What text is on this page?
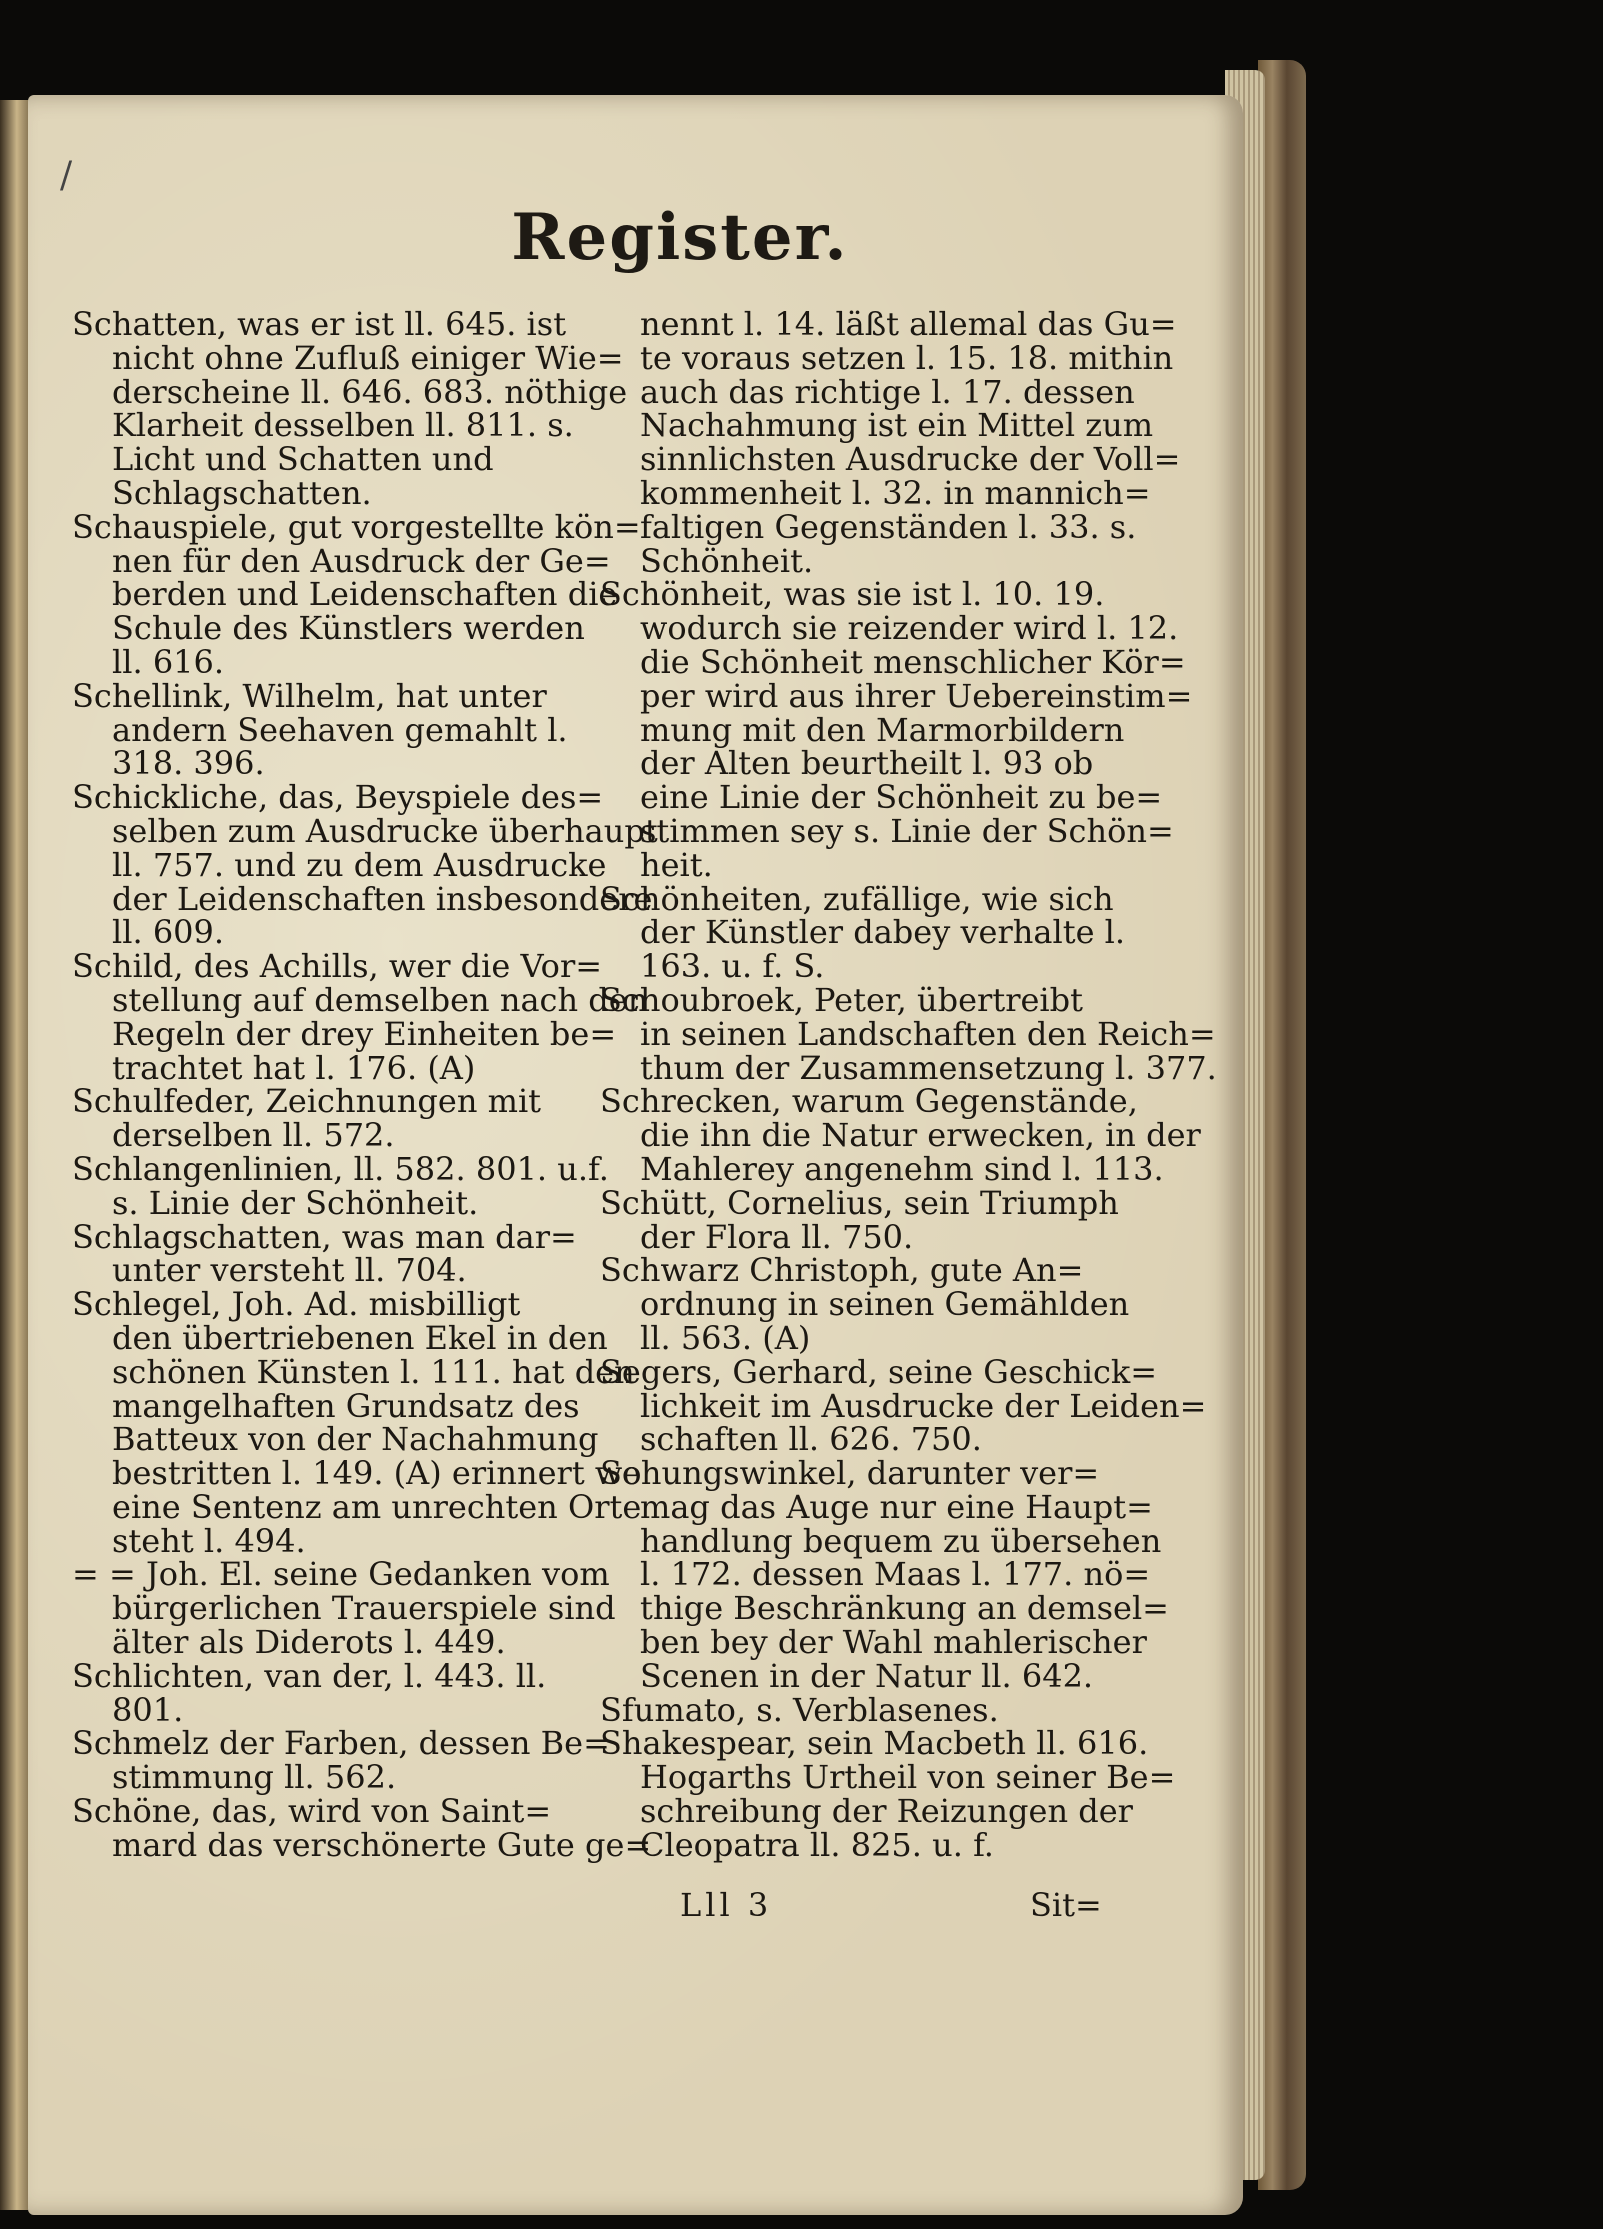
/
Register.
Schatten, was er ist ll. 645. ist
nicht ohne Zufluß einiger Wie=
derscheine ll. 646. 683. nöthige
Klarheit desselben ll. 811. s.
Licht und Schatten und
Schlagschatten.
Schauspiele, gut vorgestellte kön=
nen für den Ausdruck der Ge=
berden und Leidenschaften die
Schule des Künstlers werden
ll. 616.
Schellink, Wilhelm, hat unter
andern Seehaven gemahlt l.
318. 396.
Schickliche, das, Beyspiele des=
selben zum Ausdrucke überhaupt
ll. 757. und zu dem Ausdrucke
der Leidenschaften insbesondere
ll. 609.
Schild, des Achills, wer die Vor=
stellung auf demselben nach den
Regeln der drey Einheiten be=
trachtet hat l. 176. (A)
Schulfeder, Zeichnungen mit
derselben ll. 572.
Schlangenlinien, ll. 582. 801. u.f.
s. Linie der Schönheit.
Schlagschatten, was man dar=
unter versteht ll. 704.
Schlegel, Joh. Ad. misbilligt
den übertriebenen Ekel in den
schönen Künsten l. 111. hat den
mangelhaften Grundsatz des
Batteux von der Nachahmung
bestritten l. 149. (A) erinnert wo
eine Sentenz am unrechten Orte
steht l. 494.
= = Joh. El. seine Gedanken vom
bürgerlichen Trauerspiele sind
älter als Diderots l. 449.
Schlichten, van der, l. 443. ll.
801.
Schmelz der Farben, dessen Be=
stimmung ll. 562.
Schöne, das, wird von Saint=
mard das verschönerte Gute ge=
nennt l. 14. läßt allemal das Gu=
te voraus setzen l. 15. 18. mithin
auch das richtige l. 17. dessen
Nachahmung ist ein Mittel zum
sinnlichsten Ausdrucke der Voll=
kommenheit l. 32. in mannich=
faltigen Gegenständen l. 33. s.
Schönheit.
Schönheit, was sie ist l. 10. 19.
wodurch sie reizender wird l. 12.
die Schönheit menschlicher Kör=
per wird aus ihrer Uebereinstim=
mung mit den Marmorbildern
der Alten beurtheilt l. 93 ob
eine Linie der Schönheit zu be=
stimmen sey s. Linie der Schön=
heit.
Schönheiten, zufällige, wie sich
der Künstler dabey verhalte l.
163. u. f. S.
Schoubroek, Peter, übertreibt
in seinen Landschaften den Reich=
thum der Zusammensetzung l. 377.
Schrecken, warum Gegenstände,
die ihn die Natur erwecken, in der
Mahlerey angenehm sind l. 113.
Schütt, Cornelius, sein Triumph
der Flora ll. 750.
Schwarz Christoph, gute An=
ordnung in seinen Gemählden
ll. 563. (A)
Segers, Gerhard, seine Geschick=
lichkeit im Ausdrucke der Leiden=
schaften ll. 626. 750.
Sehungswinkel, darunter ver=
mag das Auge nur eine Haupt=
handlung bequem zu übersehen
l. 172. dessen Maas l. 177. nö=
thige Beschränkung an demsel=
ben bey der Wahl mahlerischer
Scenen in der Natur ll. 642.
Sfumato, s. Verblasenes.
Shakespear, sein Macbeth ll. 616.
Hogarths Urtheil von seiner Be=
schreibung der Reizungen der
Cleopatra ll. 825. u. f.
Lll 3	Sit=
